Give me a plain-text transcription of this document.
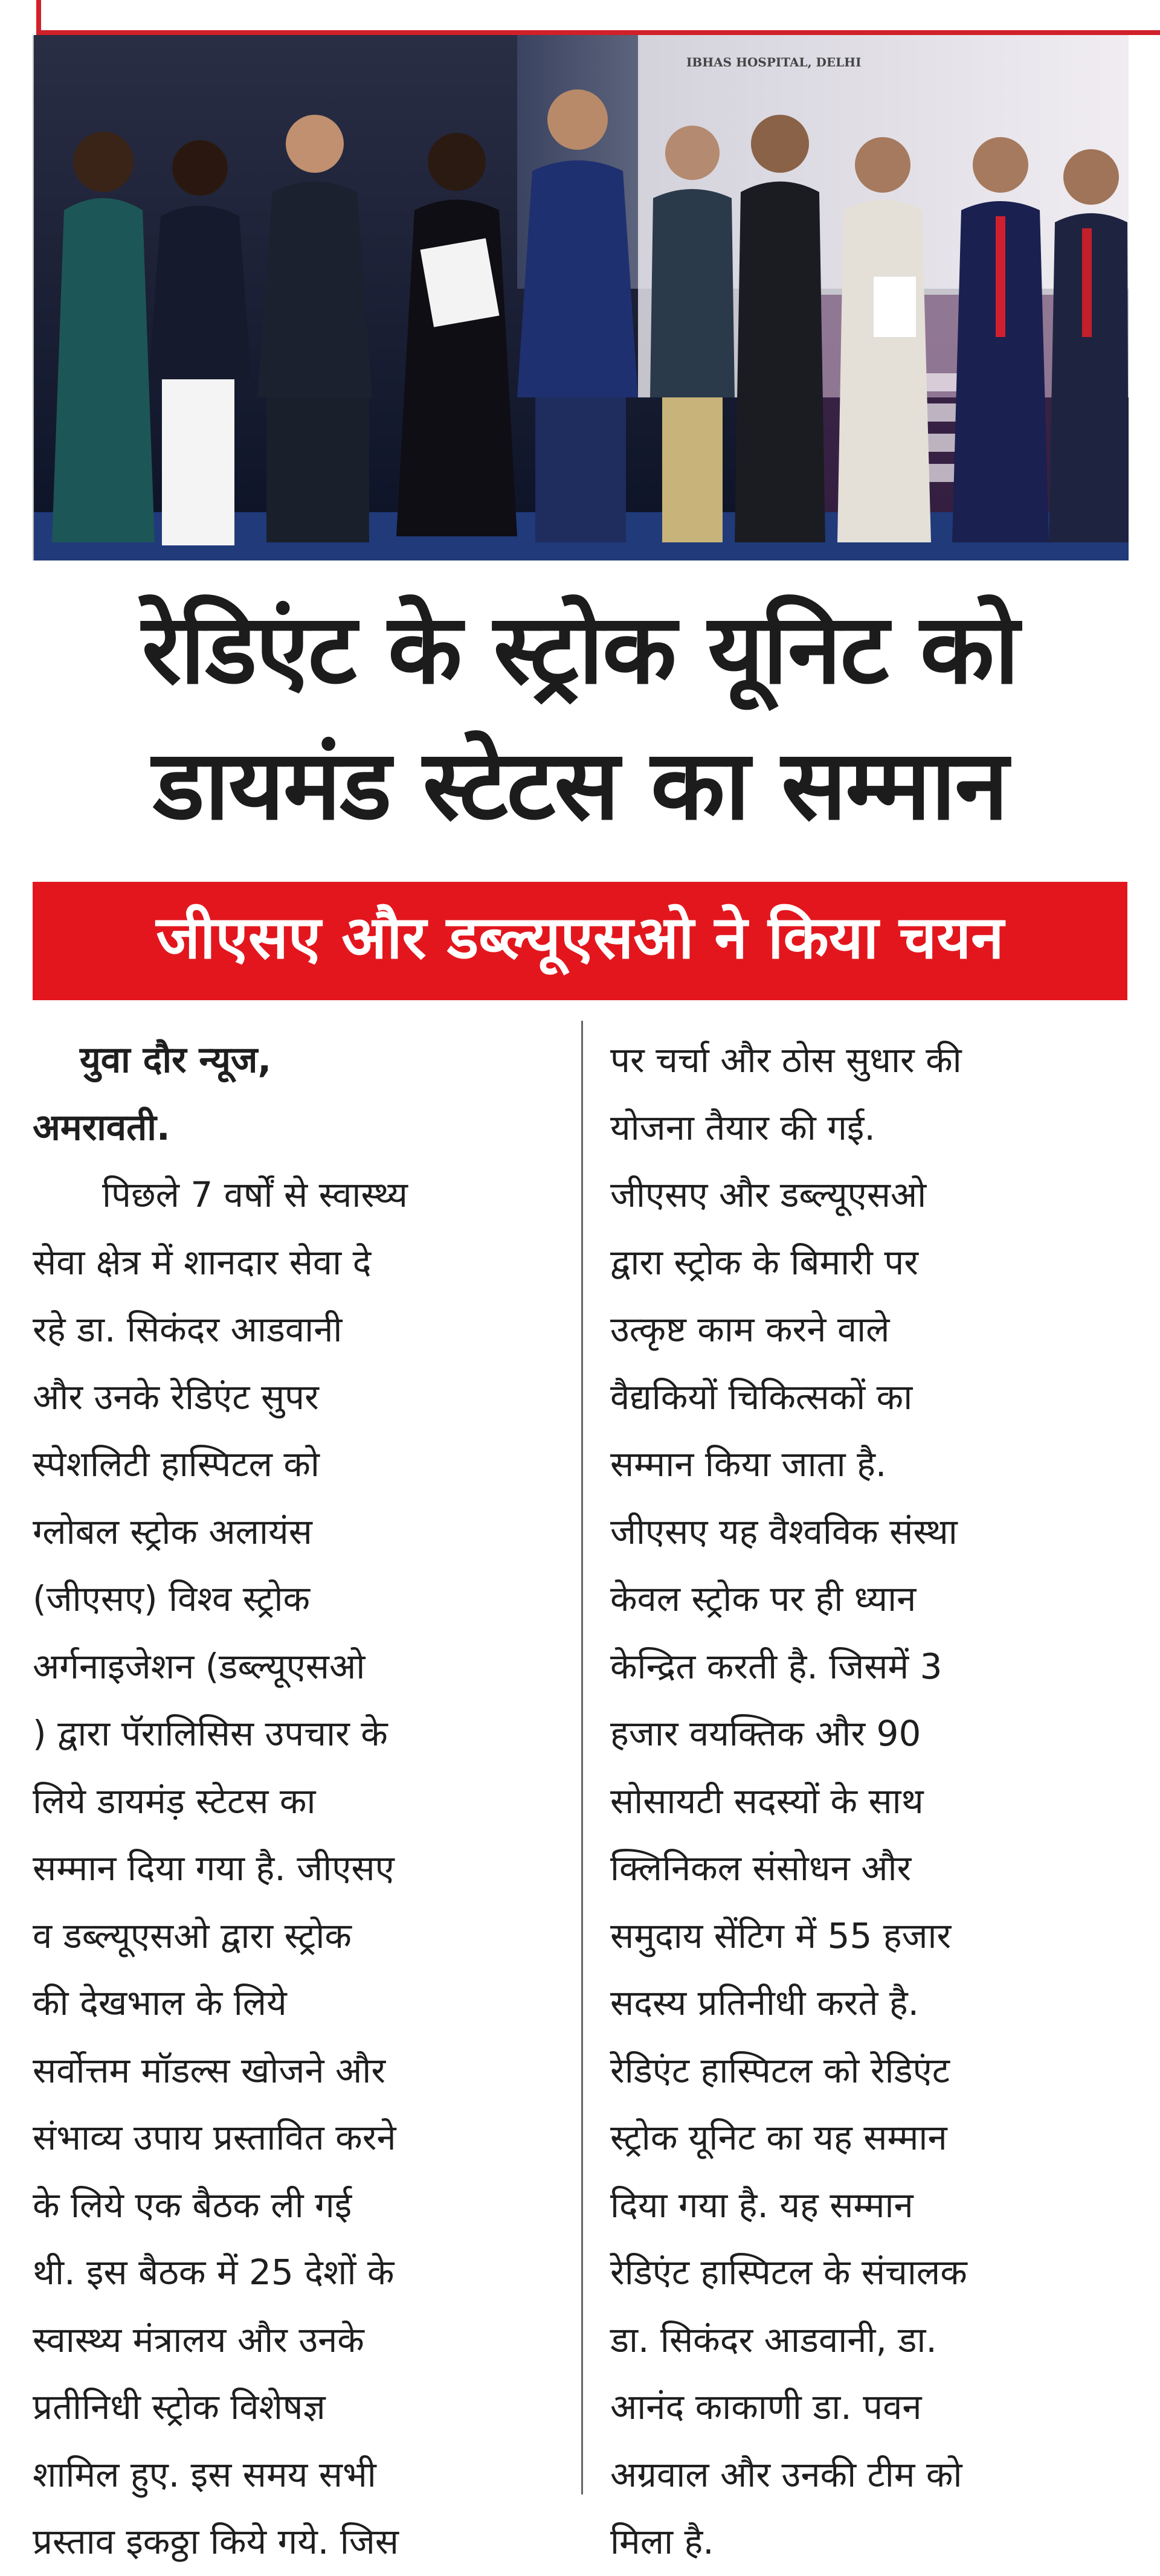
IBHAS HOSPITAL, DELHI
रेडिएंट के स्ट्रोक यूनिट को
डायमंड स्टेटस का सम्मान
जीएसए और डब्ल्यूएसओ ने किया चयन
युवा दौर न्यूज,
अमरावती.
पिछले 7 वर्षों से स्वास्थ्य
सेवा क्षेत्र में शानदार सेवा दे
रहे डा. सिकंदर आडवानी
और उनके रेडिएंट सुपर
स्पेशलिटी हास्पिटल को
ग्लोबल स्ट्रोक अलायंस
(जीएसए) विश्व स्ट्रोक
अर्गनाइजेशन (डब्ल्यूएसओ
) द्वारा पॅरालिसिस उपचार के
लिये डायमंड़ स्टेटस का
सम्मान दिया गया है. जीएसए
व डब्ल्यूएसओ द्वारा स्ट्रोक
की देखभाल के लिये
सर्वोत्तम मॉडल्स खोजने और
संभाव्य उपाय प्रस्तावित करने
के लिये एक बैठक ली गई
थी. इस बैठक में 25 देशों के
स्वास्थ्य मंत्रालय और उनके
प्रतीनिधी स्ट्रोक विशेषज्ञ
शामिल हुए. इस समय सभी
प्रस्ताव इकठ्ठा किये गये. जिस
पर चर्चा और ठोस सुधार की
योजना तैयार की गई.
जीएसए और डब्ल्यूएसओ
द्वारा स्ट्रोक के बिमारी पर
उत्कृष्ट काम करने वाले
वैद्यकियों चिकित्सकों का
सम्मान किया जाता है.
जीएसए यह वैश्वविक संस्था
केवल स्ट्रोक पर ही ध्यान
केन्द्रित करती है. जिसमें 3
हजार वयक्तिक और 90
सोसायटी सदस्यों के साथ
क्लिनिकल संसोधन और
समुदाय सेंटिग में 55 हजार
सदस्य प्रतिनीधी करते है.
रेडिएंट हास्पिटल को रेडिएंट
स्ट्रोक यूनिट का यह सम्मान
दिया गया है. यह सम्मान
रेडिएंट हास्पिटल के संचालक
डा. सिकंदर आडवानी, डा.
आनंद काकाणी डा. पवन
अग्रवाल और उनकी टीम को
मिला है.
